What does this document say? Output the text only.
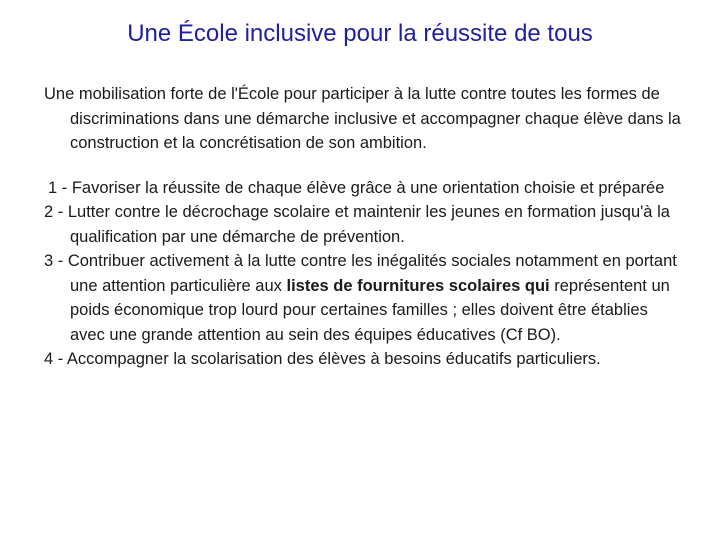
Une École inclusive pour la réussite de tous

Une mobilisation forte de l'École pour participer à la lutte contre toutes les formes de discriminations dans une démarche inclusive et accompagner chaque élève dans la construction et la concrétisation de son ambition.

1 - Favoriser la réussite de chaque élève grâce à une orientation choisie et préparée

2 - Lutter contre le décrochage scolaire et maintenir les jeunes en formation jusqu'à la qualification par une démarche de prévention.

3 - Contribuer activement à la lutte contre les inégalités sociales notamment en portant une attention particulière aux listes de fournitures scolaires qui représentent un poids économique trop lourd pour certaines familles ; elles doivent être établies avec une grande attention au sein des équipes éducatives (Cf BO).

4 - Accompagner la scolarisation des élèves à besoins éducatifs particuliers.
